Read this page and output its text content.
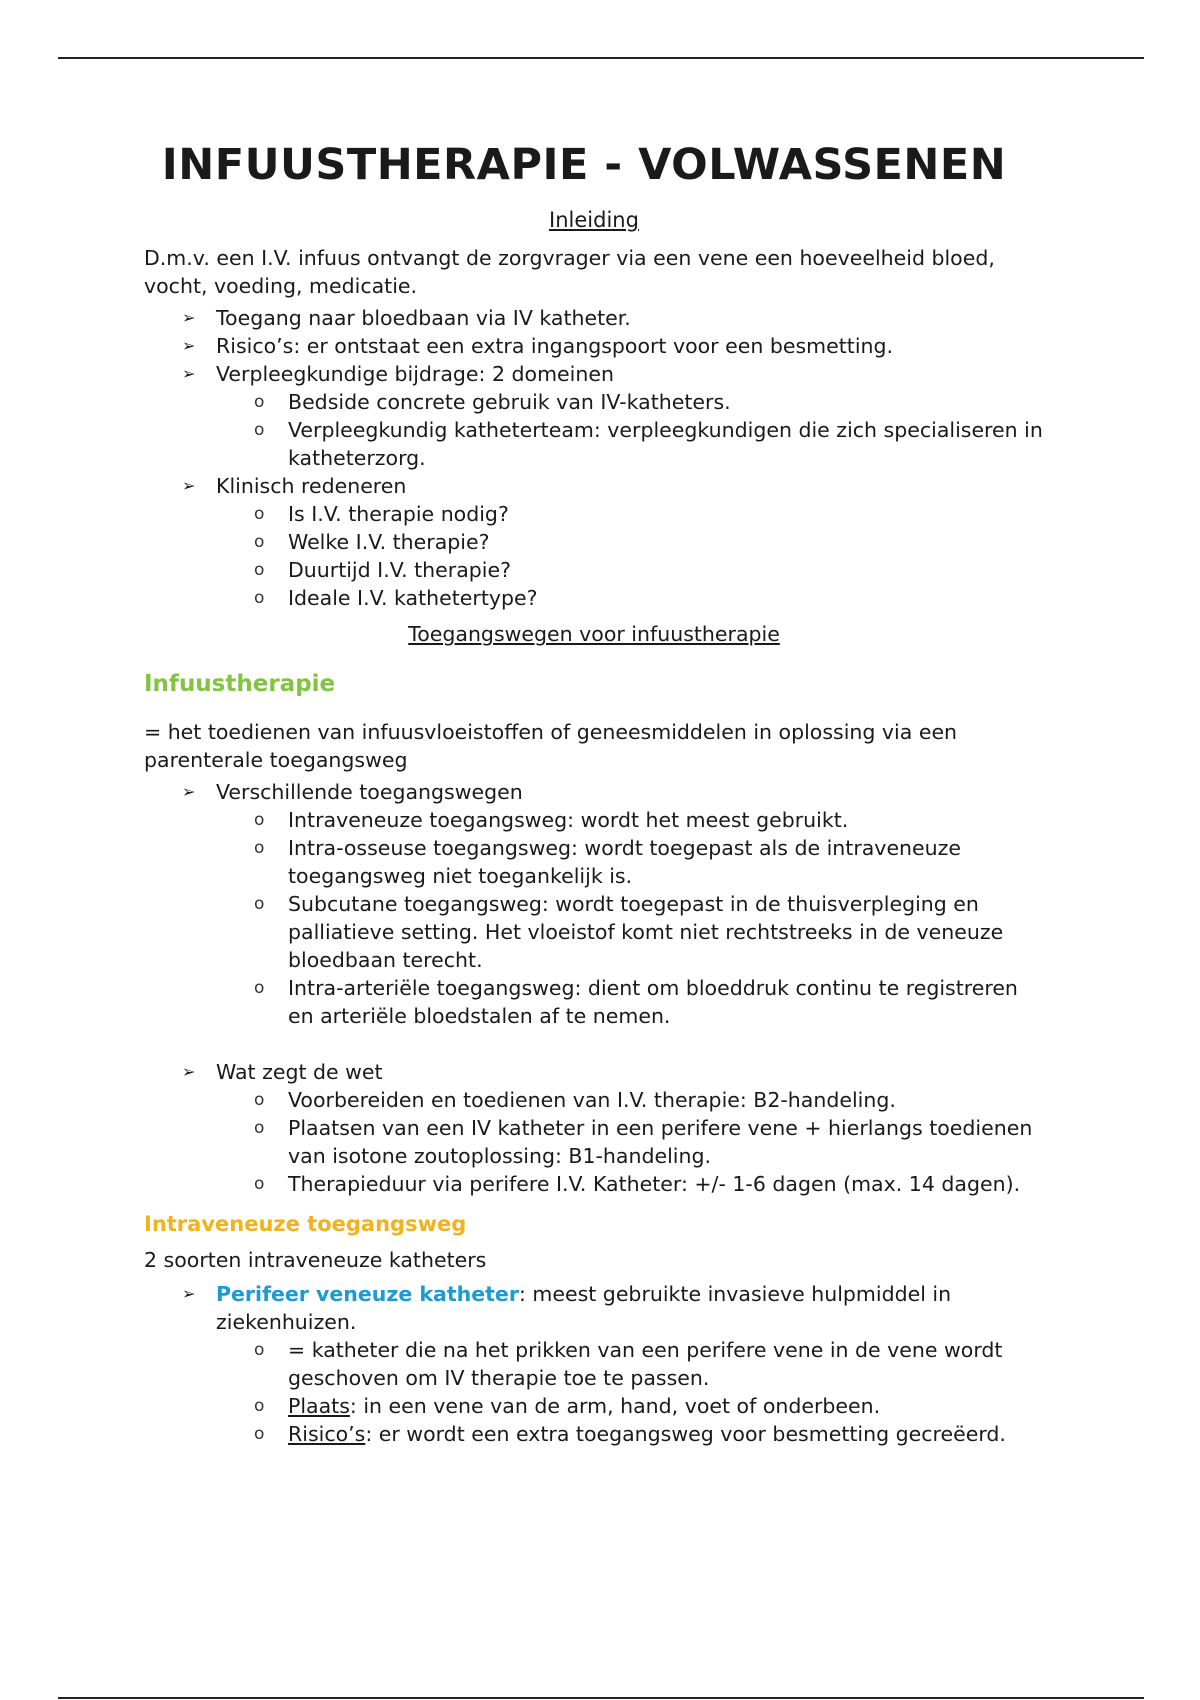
INFUUSTHERAPIE - VOLWASSENEN
Inleiding

D.m.v. een I.V. infuus ontvangt de zorgvrager via een vene een hoeveelheid bloed, vocht, voeding, medicatie.

➢ Toegang naar bloedbaan via IV katheter.
➢ Risico’s: er ontstaat een extra ingangspoort voor een besmetting.
➢ Verpleegkundige bijdrage: 2 domeinen
o Bedside concrete gebruik van IV-katheters.
o Verpleegkundig katheterteam: verpleegkundigen die zich specialiseren in katheterzorg.
➢ Klinisch redeneren
o Is I.V. therapie nodig?
o Welke I.V. therapie?
o Duurtijd I.V. therapie?
o Ideale I.V. kathetertype?
Toegangswegen voor infuustherapie
Infuustherapie

= het toedienen van infuusvloeistoffen of geneesmiddelen in oplossing via een parenterale toegangsweg

➢ Verschillende toegangswegen
o Intraveneuze toegangsweg: wordt het meest gebruikt.
o Intra-osseuse toegangsweg: wordt toegepast als de intraveneuze toegangsweg niet toegankelijk is.
o Subcutane toegangsweg: wordt toegepast in de thuisverpleging en palliatieve setting. Het vloeistof komt niet rechtstreeks in de veneuze bloedbaan terecht.
o Intra-arteriële toegangsweg: dient om bloeddruk continu te registreren en arteriële bloedstalen af te nemen.
➢ Wat zegt de wet
o Voorbereiden en toedienen van I.V. therapie: B2-handeling.
o Plaatsen van een IV katheter in een perifere vene + hierlangs toedienen van isotone zoutoplossing: B1-handeling.
o Therapieduur via perifere I.V. Katheter: +/- 1-6 dagen (max. 14 dagen).
Intraveneuze toegangsweg

2 soorten intraveneuze katheters

➢ Perifeer veneuze katheter: meest gebruikte invasieve hulpmiddel in ziekenhuizen.
o = katheter die na het prikken van een perifere vene in de vene wordt geschoven om IV therapie toe te passen.
o Plaats: in een vene van de arm, hand, voet of onderbeen.
o Risico’s: er wordt een extra toegangsweg voor besmetting gecreëerd.
